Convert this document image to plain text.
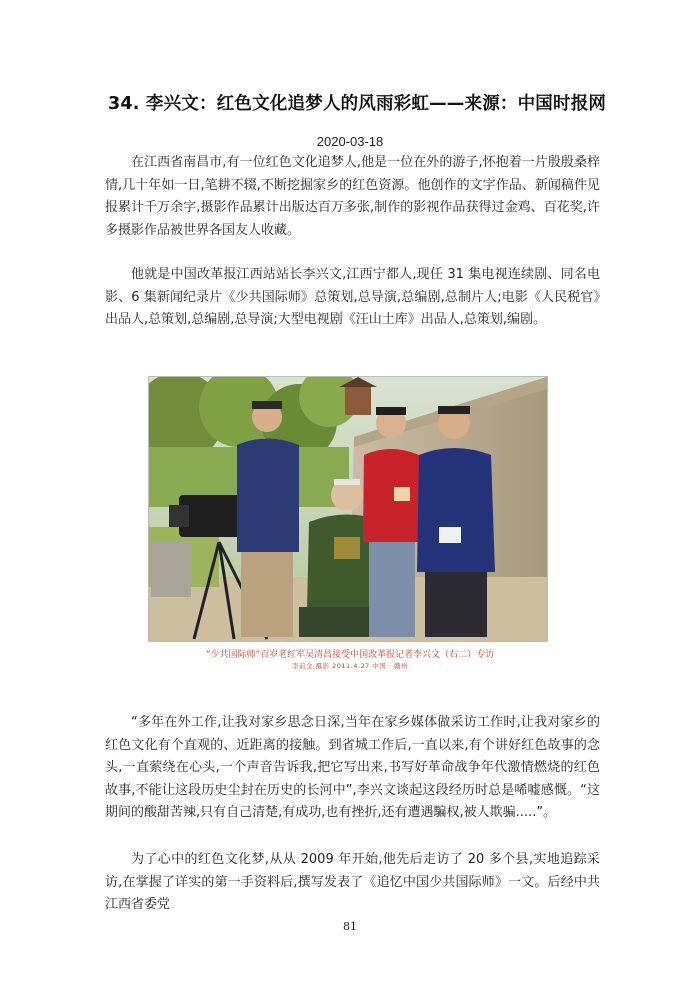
34. 李兴文：红色文化追梦人的风雨彩虹——来源：中国时报网
2020-03-18

在江西省南昌市,有一位红色文化追梦人,他是一位在外的游子,怀抱着一片殷殷桑梓情,几十年如一日,笔耕不辍,不断挖掘家乡的红色资源。他创作的文字作品、新闻稿件见报累计千万余字,摄影作品累计出版达百万多张,制作的影视作品获得过金鸡、百花奖,许多摄影作品被世界各国友人收藏。

他就是中国改革报江西站站长李兴文,江西宁都人,现任 31 集电视连续剧、同名电影、6 集新闻纪录片《少共国际师》总策划,总导演,总编剧,总制片人;电影《人民税官》出品人,总策划,总编剧,总导演;大型电视剧《汪山土库》出品人,总策划,编剧。

“少共国际师”百岁老红军吴清昌接受中国改革报记者李兴文（右二）专访
李前金 摄影 2011.4.27 中国 · 赣州

“多年在外工作,让我对家乡思念日深,当年在家乡媒体做采访工作时,让我对家乡的红色文化有个直观的、近距离的接触。到省城工作后,一直以来,有个讲好红色故事的念头,一直萦绕在心头,一个声音告诉我,把它写出来,书写好革命战争年代激情燃烧的红色故事,不能让这段历史尘封在历史的长河中”,李兴文谈起这段经历时总是唏嘘感慨。“这期间的酸甜苦辣,只有自己清楚,有成功,也有挫折,还有遭遇騙权,被人欺骗.....”。

为了心中的红色文化梦,从从 2009 年开始,他先后走访了 20 多个县,实地追踪采访,在掌握了详实的第一手资料后,撰写发表了《追忆中国少共国际师》一文。后经中共江西省委党

81
